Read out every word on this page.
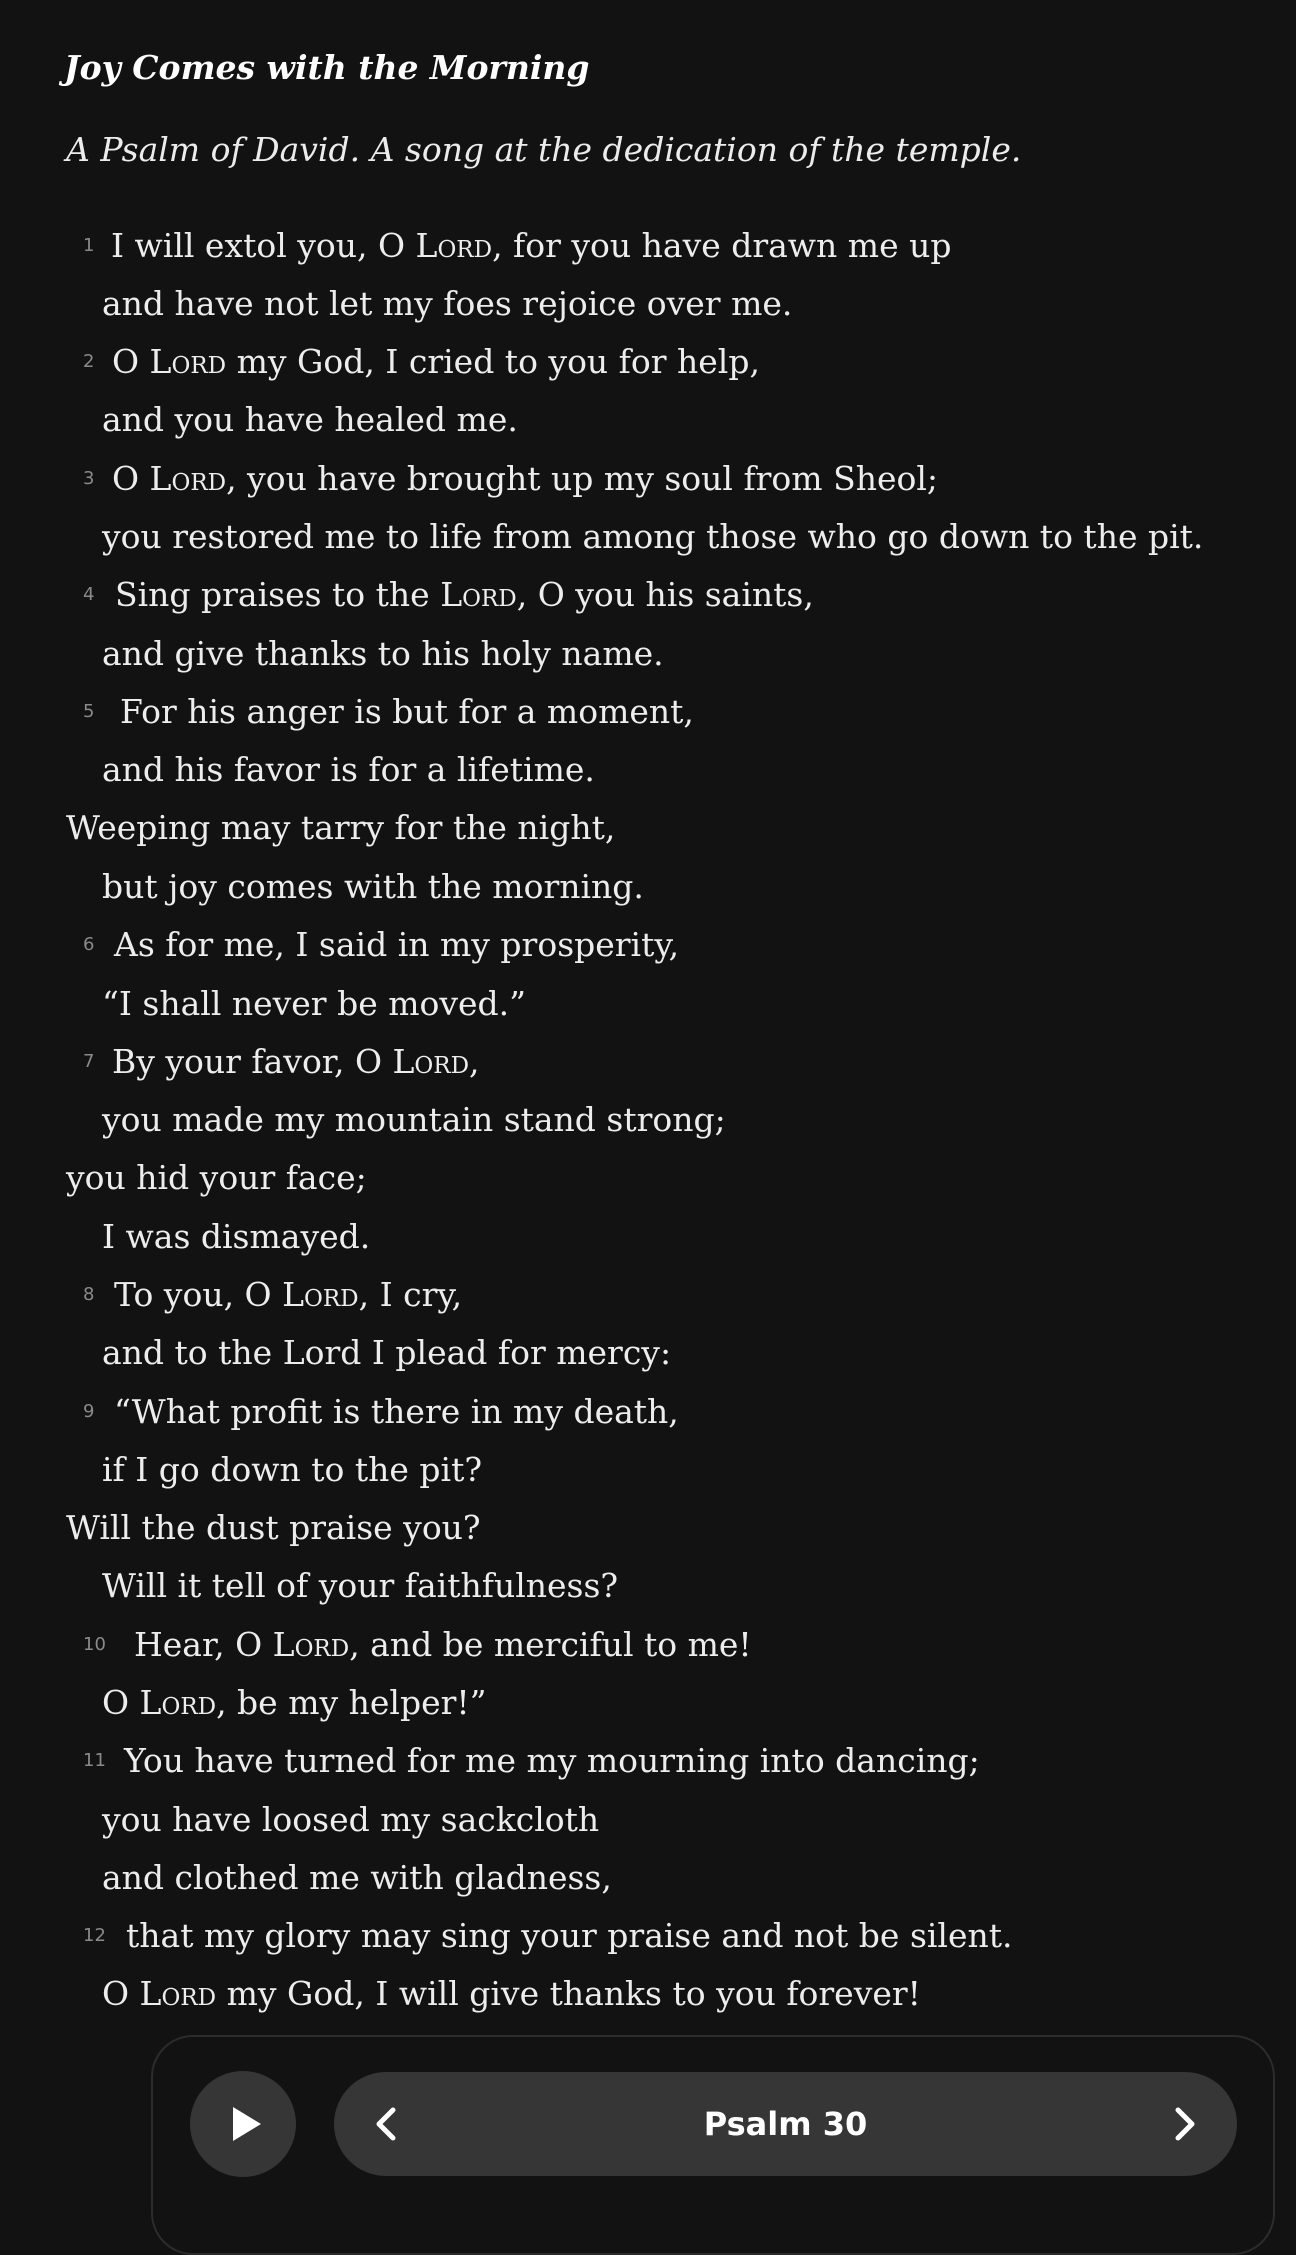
Joy Comes with the Morning
A Psalm of David. A song at the dedication of the temple.
1 I will extol you, O Lord, for you have drawn me up
and have not let my foes rejoice over me.
2 O Lord my God, I cried to you for help,
and you have healed me.
3 O Lord, you have brought up my soul from Sheol;
you restored me to life from among those who go down to the pit.
4 Sing praises to the Lord, O you his saints,
and give thanks to his holy name.
5 For his anger is but for a moment,
and his favor is for a lifetime.
Weeping may tarry for the night,
but joy comes with the morning.
6 As for me, I said in my prosperity,
“I shall never be moved.”
7 By your favor, O Lord,
you made my mountain stand strong;
you hid your face;
I was dismayed.
8 To you, O Lord, I cry,
and to the Lord I plead for mercy:
9 “What profit is there in my death,
if I go down to the pit?
Will the dust praise you?
Will it tell of your faithfulness?
10 Hear, O Lord, and be merciful to me!
O Lord, be my helper!”
11 You have turned for me my mourning into dancing;
you have loosed my sackcloth
and clothed me with gladness,
12 that my glory may sing your praise and not be silent.
O Lord my God, I will give thanks to you forever!
Psalm 30
